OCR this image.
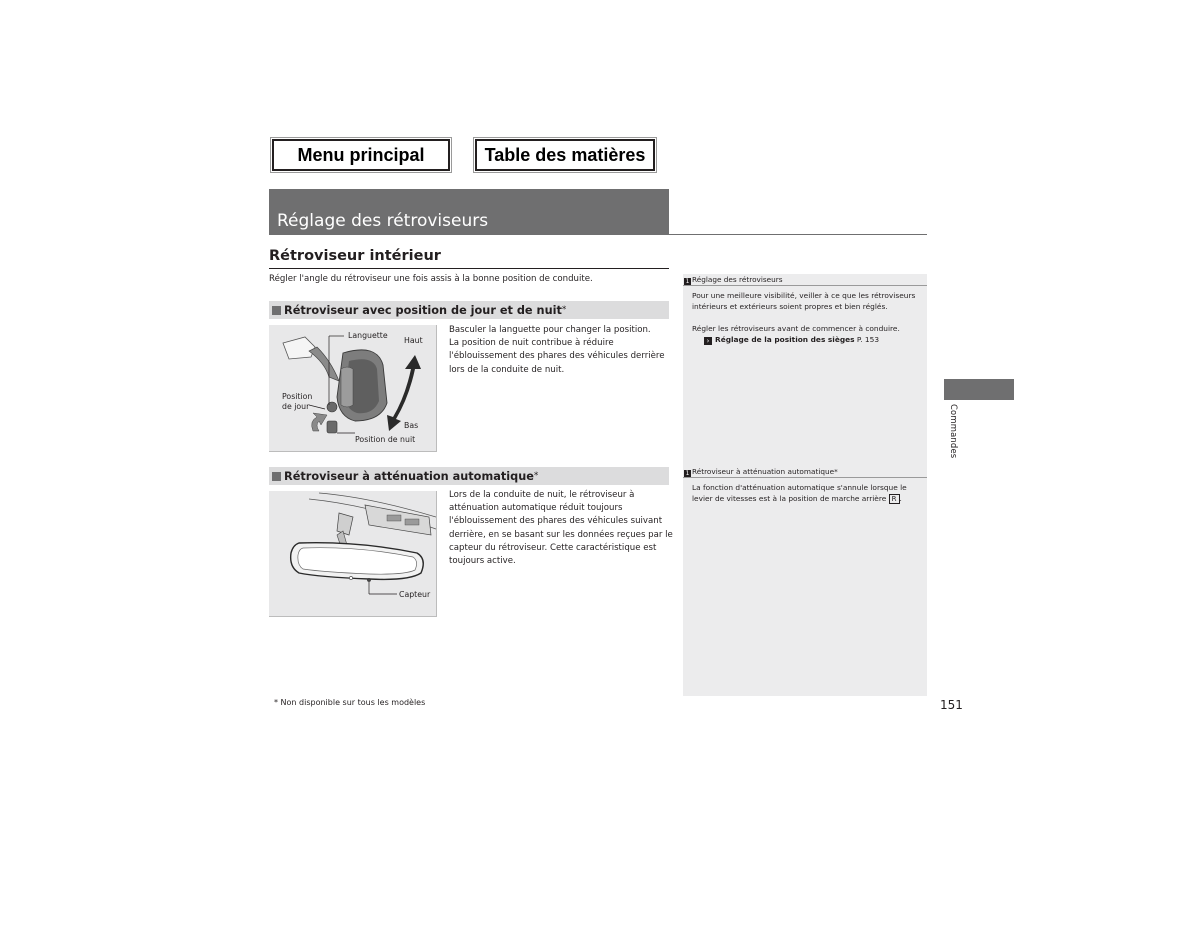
Menu principal	Table des matières
Réglage des rétroviseurs
Rétroviseur intérieur
Régler l'angle du rétroviseur une fois assis à la bonne position de conduite.
Rétroviseur avec position de jour et de nuit*
Languette
Haut
Position
de jour
Bas
Position de nuit
Basculer la languette pour changer la position.
La position de nuit contribue à réduire
l'éblouissement des phares des véhicules derrière
lors de la conduite de nuit.
Rétroviseur à atténuation automatique*
Capteur
Lors de la conduite de nuit, le rétroviseur à
atténuation automatique réduit toujours
l'éblouissement des phares des véhicules suivant
derrière, en se basant sur les données reçues par le
capteur du rétroviseur. Cette caractéristique est
toujours active.
1 Réglage des rétroviseurs
Pour une meilleure visibilité, veiller à ce que les rétroviseurs
intérieurs et extérieurs soient propres et bien réglés.
Régler les rétroviseurs avant de commencer à conduire.
› Réglage de la position des sièges P. 153
1 Rétroviseur à atténuation automatique*
La fonction d'atténuation automatique s'annule lorsque le
levier de vitesses est à la position de marche arrière R .
Commandes
* Non disponible sur tous les modèles	151
